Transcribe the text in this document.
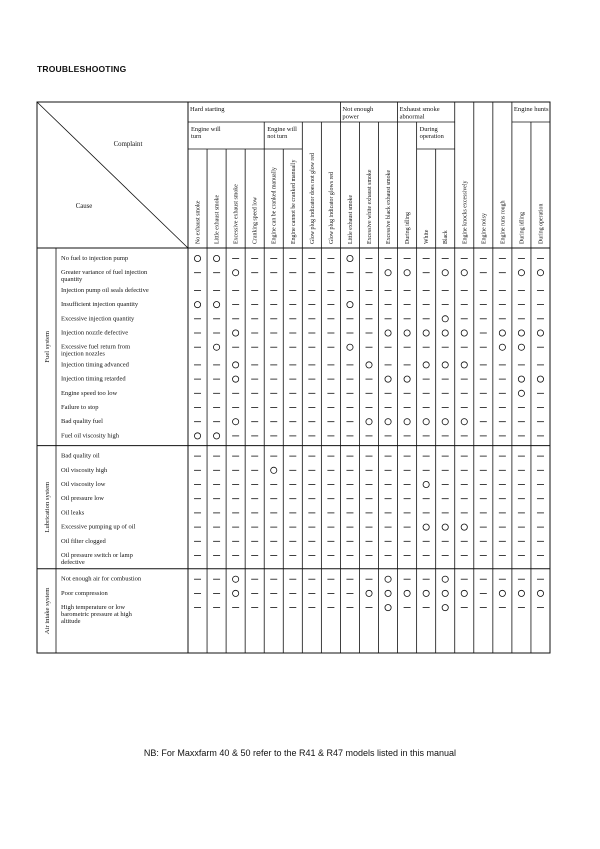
TROUBLESHOOTING
Complaint
Cause
Hard starting	Not enough
power
Exhaust smoke
abnormal
Engine hunts
Engine will
turn
Engine will
not turn
During
operation
No exhaust smoke Little exhaust smoke Excessive exhaust smoke Cranking speed low Engine can be cranked manually Engine cannot be cranked manually Glow plug indicator does not glow red Glow plug indicator glows red Little exhaust smoke Excessive white exhaust smoke Excessive black exhaust smoke During idling White Black Engine knocks excessively Engine noisy Engine runs rough During idling During operation
No fuel to injection pump
Greater variance of fuel injection
quantity
Injection pump oil seals defective
Insufficient injection quantity
Excessive injection quantity
Injection nozzle defective
Excessive fuel return from
injection nozzles
Injection timing advanced
Injection timing retarded
Engine speed too low
Failure to stop
Bad quality fuel
Fuel oil viscosity high
Fuel system
Bad quality oil
Oil viscosity high
Oil viscosity low
Oil pressure low
Oil leaks
Excessive pumping up of oil
Oil filter clogged
Oil pressure switch or lamp
defective
Lubrication system
Not enough air for combustion
Poor compression
High temperature or low
barometric pressure at high
altitude
Air intake system
NB: For Maxxfarm 40 & 50 refer to the R41 & R47 models listed in this manual
